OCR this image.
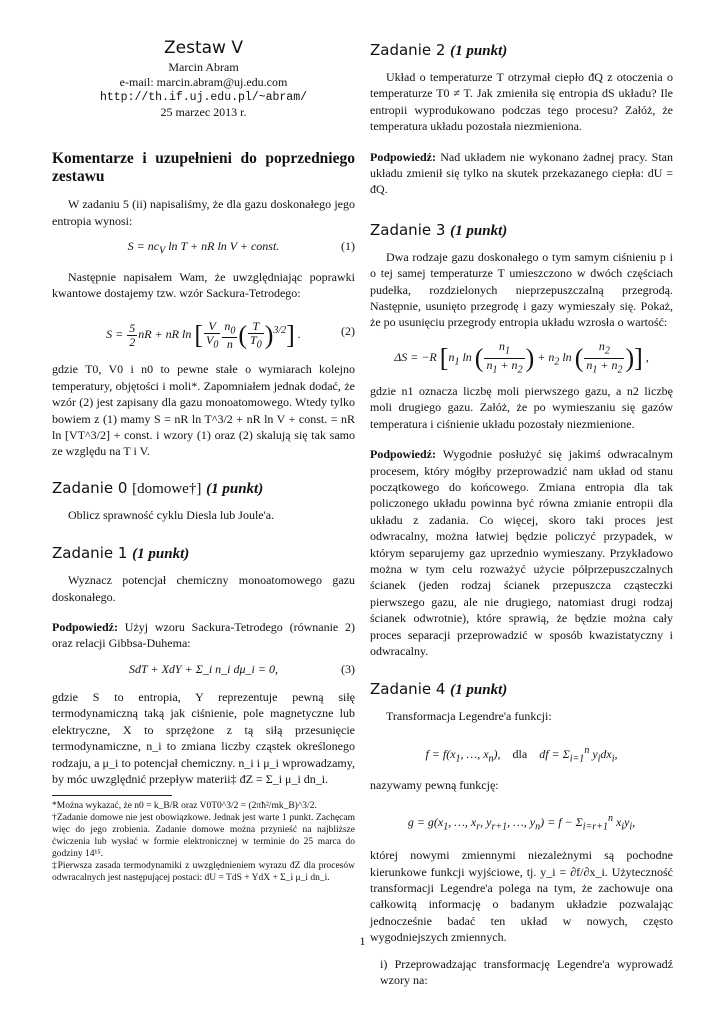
Zestaw V

Marcin Abram

e-mail: marcin.abram@uj.edu.com

http://th.if.uj.edu.pl/~abram/

25 marzec 2013 r.

Komentarze i uzupełnieni do poprzedniego zestawu

W zadaniu 5 (ii) napisaliśmy, że dla gazu doskonałego jego entropia wynosi:

$S = nc_V$ ln T + nR ln V + const.	(1)

Następnie napisałem Wam, że uwzględniając poprawki kwantowe dostajemy tzw. wzór Sackura-Tetrodego:

$S = \frac{5}{2}$ nR + nR ln [ $\frac{V}{V_0} \frac{n_0}{n}$ ( $\frac{T}{T_0} )^{3/2}$] .	(2)

gdzie T0, V0 i n0 to pewne stałe o wymiarach kolejno temperatury, objętości i moli*. Zapomniałem jednak dodać, że wzór (2) jest zapisany dla gazu monoatomowego. Wtedy tylko bowiem z (1) mamy S = nR ln T^3/2 + nR ln V + const. = nR ln [VT^3/2] + const. i wzory (1) oraz (2) skalują się tak samo ze względu na T i V.

Zadanie 0 [domowe†] (1 punkt)

Oblicz sprawność cyklu Diesla lub Joule'a.

Zadanie 1 (1 punkt)

Wyznacz potencjał chemiczny monoatomowego gazu doskonałego.

Podpowiedź: Użyj wzoru Sackura-Tetrodego (równanie 2) oraz relacji Gibbsa-Duhema:

SdT + XdY + Σ_i n_i dμ_i = 0,	(3)

gdzie S to entropia, Y reprezentuje pewną siłę termodynamiczną taką jak ciśnienie, pole magnetyczne lub elektryczne, X to sprzężone z tą siłą przesunięcie termodynamiczne, n_i to zmiana liczby cząstek określonego rodzaju, a μ_i to potencjał chemiczny. n_i i μ_i wprowadzamy, by móc uwzględnić przepływ materii‡ đZ = Σ_i μ_i dn_i.

*Można wykazać, że n0 = k_B/R oraz V0T0^3/2 = (2πħ²/mk_B)^3/2.

†Zadanie domowe nie jest obowiązkowe. Jednak jest warte 1 punkt. Zachęcam więc do jego zrobienia. Zadanie domowe można przynieść na najbliższe ćwiczenia lub wysłać w formie elektronicznej w terminie do 25 marca do godziny 14¹⁵.

‡Pierwsza zasada termodynamiki z uwzględnieniem wyrazu đZ dla procesów odwracalnych jest następującej postaci: dU = TdS + YdX + Σ_i μ_i dn_i.

Zadanie 2 (1 punkt)

Układ o temperaturze T otrzymał ciepło đQ z otoczenia o temperaturze T0 ≠ T. Jak zmieniła się entropia dS układu? Ile entropii wyprodukowano podczas tego procesu? Załóż, że temperatura układu pozostała niezmieniona.

Podpowiedź: Nad układem nie wykonano żadnej pracy. Stan układu zmienił się tylko na skutek przekazanego ciepła: dU = đQ.

Zadanie 3 (1 punkt)

Dwa rodzaje gazu doskonałego o tym samym ciśnieniu p i o tej samej temperaturze T umieszczono w dwóch częściach pudełka, rozdzielonych nieprzepuszczalną przegrodą. Następnie, usunięto przegrodę i gazy wymieszały się. Pokaż, że po usunięciu przegrody entropia układu wzrosła o wartość:

ΔS = −R [$n_1$ ln ( $\frac{n_1}{n_1 + n_2}$ ) + $n_2$ ln ( $\frac{n_2}{n_1 + n_2}$ )] ,

gdzie n1 oznacza liczbę moli pierwszego gazu, a n2 liczbę moli drugiego gazu. Załóż, że po wymieszaniu się gazów temperatura i ciśnienie układu pozostały niezmienione.

Podpowiedź: Wygodnie posłużyć się jakimś odwracalnym procesem, który mógłby przeprowadzić nam układ od stanu początkowego do końcowego. Zmiana entropia dla tak policzonego układu powinna być równa zmianie entropii dla układu z zadania. Co więcej, skoro taki proces jest odwracalny, można łatwiej będzie policzyć przypadek, w którym separujemy gaz uprzednio wymieszany. Przykładowo można w tym celu rozważyć użycie półprzepuszczalnych ścianek (jeden rodzaj ścianek przepuszcza cząsteczki pierwszego gazu, ale nie drugiego, natomiast drugi rodzaj ścianek odwrotnie), które sprawią, że będzie można cały proces separacji przeprowadzić w sposób kwazistatyczny i odwracalny.

Zadanie 4 (1 punkt)

Transformacja Legendre'a funkcji:

$f = f(x_1$, …, $x_n$),    dla    df = $\Sigma_{i=1}^n$ $y_idx_i$,

nazywamy pewną funkcję:

$g = g(x_1$, …, $x_r$, $y_{r+1}$, …, $y_n) = f - \Sigma_{i=r+1}^n$ $x_iy_i$,

której nowymi zmiennymi niezależnymi są pochodne kierunkowe funkcji wyjściowe, tj. y_i = ∂f/∂x_i. Użyteczność transformacji Legendre'a polega na tym, że zachowuje ona całkowitą informację o badanym układzie pozwalając jednocześnie badać ten układ w nowych, często wygodniejszych zmiennych.

i) Przeprowadzając transformację Legendre'a wyprowadź wzory na:

1
